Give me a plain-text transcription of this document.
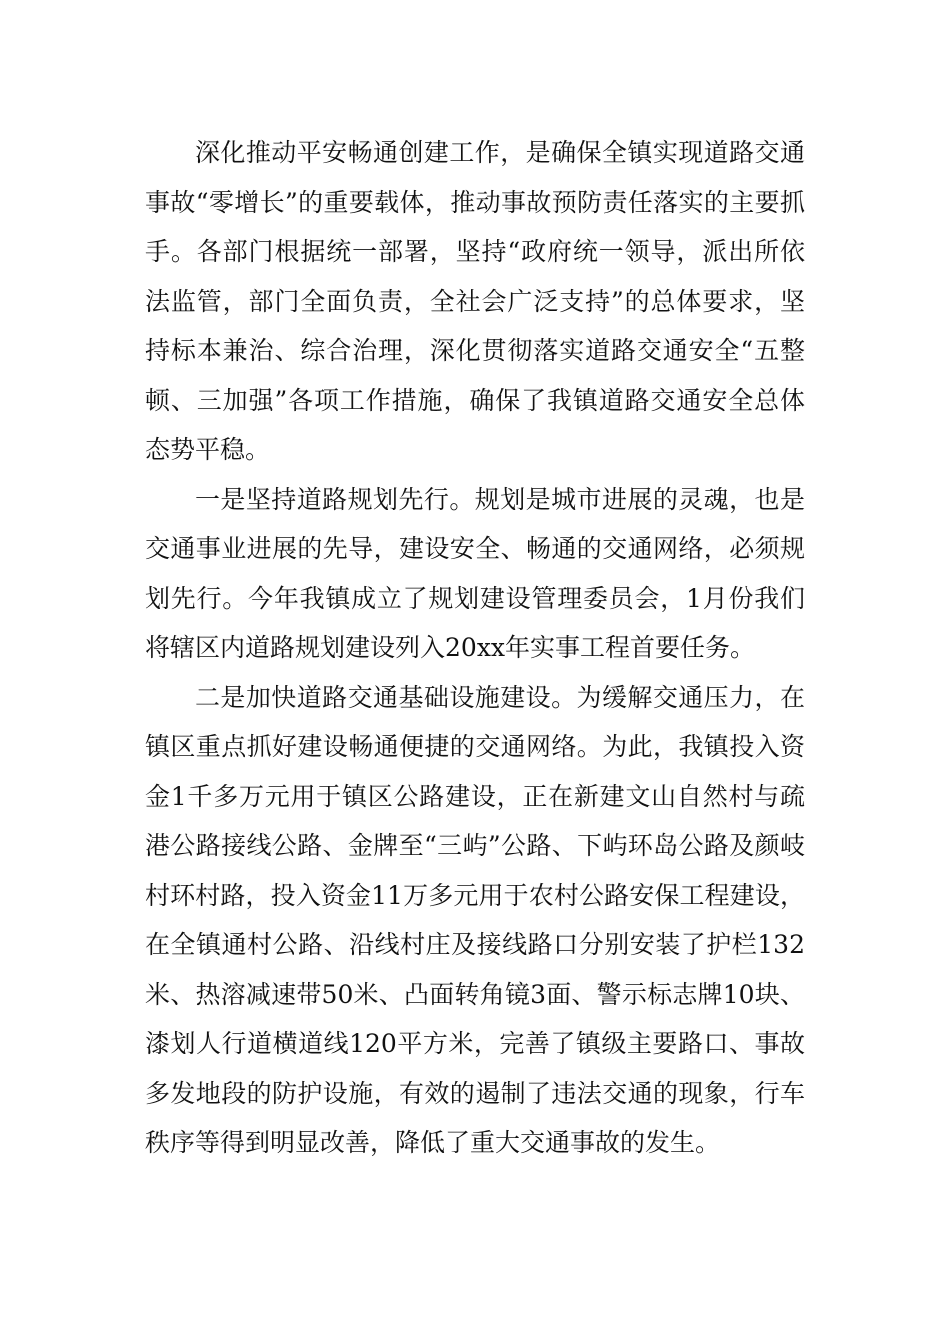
深化推动平安畅通创建工作，是确保全镇实现道路交通事故“零增长”的重要载体，推动事故预防责任落实的主要抓手。各部门根据统一部署，坚持“政府统一领导，派出所依法监管，部门全面负责，全社会广泛支持”的总体要求，坚持标本兼治、综合治理，深化贯彻落实道路交通安全“五整顿、三加强”各项工作措施，确保了我镇道路交通安全总体态势平稳。

一是坚持道路规划先行。规划是城市进展的灵魂，也是交通事业进展的先导，建设安全、畅通的交通网络，必须规划先行。今年我镇成立了规划建设管理委员会，1月份我们将辖区内道路规划建设列入20xx年实事工程首要任务。

二是加快道路交通基础设施建设。为缓解交通压力，在镇区重点抓好建设畅通便捷的交通网络。为此，我镇投入资金1千多万元用于镇区公路建设，正在新建文山自然村与疏港公路接线公路、金牌至“三屿”公路、下屿环岛公路及颜岐村环村路，投入资金11万多元用于农村公路安保工程建设，在全镇通村公路、沿线村庄及接线路口分别安装了护栏132米、热溶减速带50米、凸面转角镜3面、警示标志牌10块、漆划人行道横道线120平方米，完善了镇级主要路口、事故多发地段的防护设施，有效的遏制了违法交通的现象，行车秩序等得到明显改善，降低了重大交通事故的发生。
